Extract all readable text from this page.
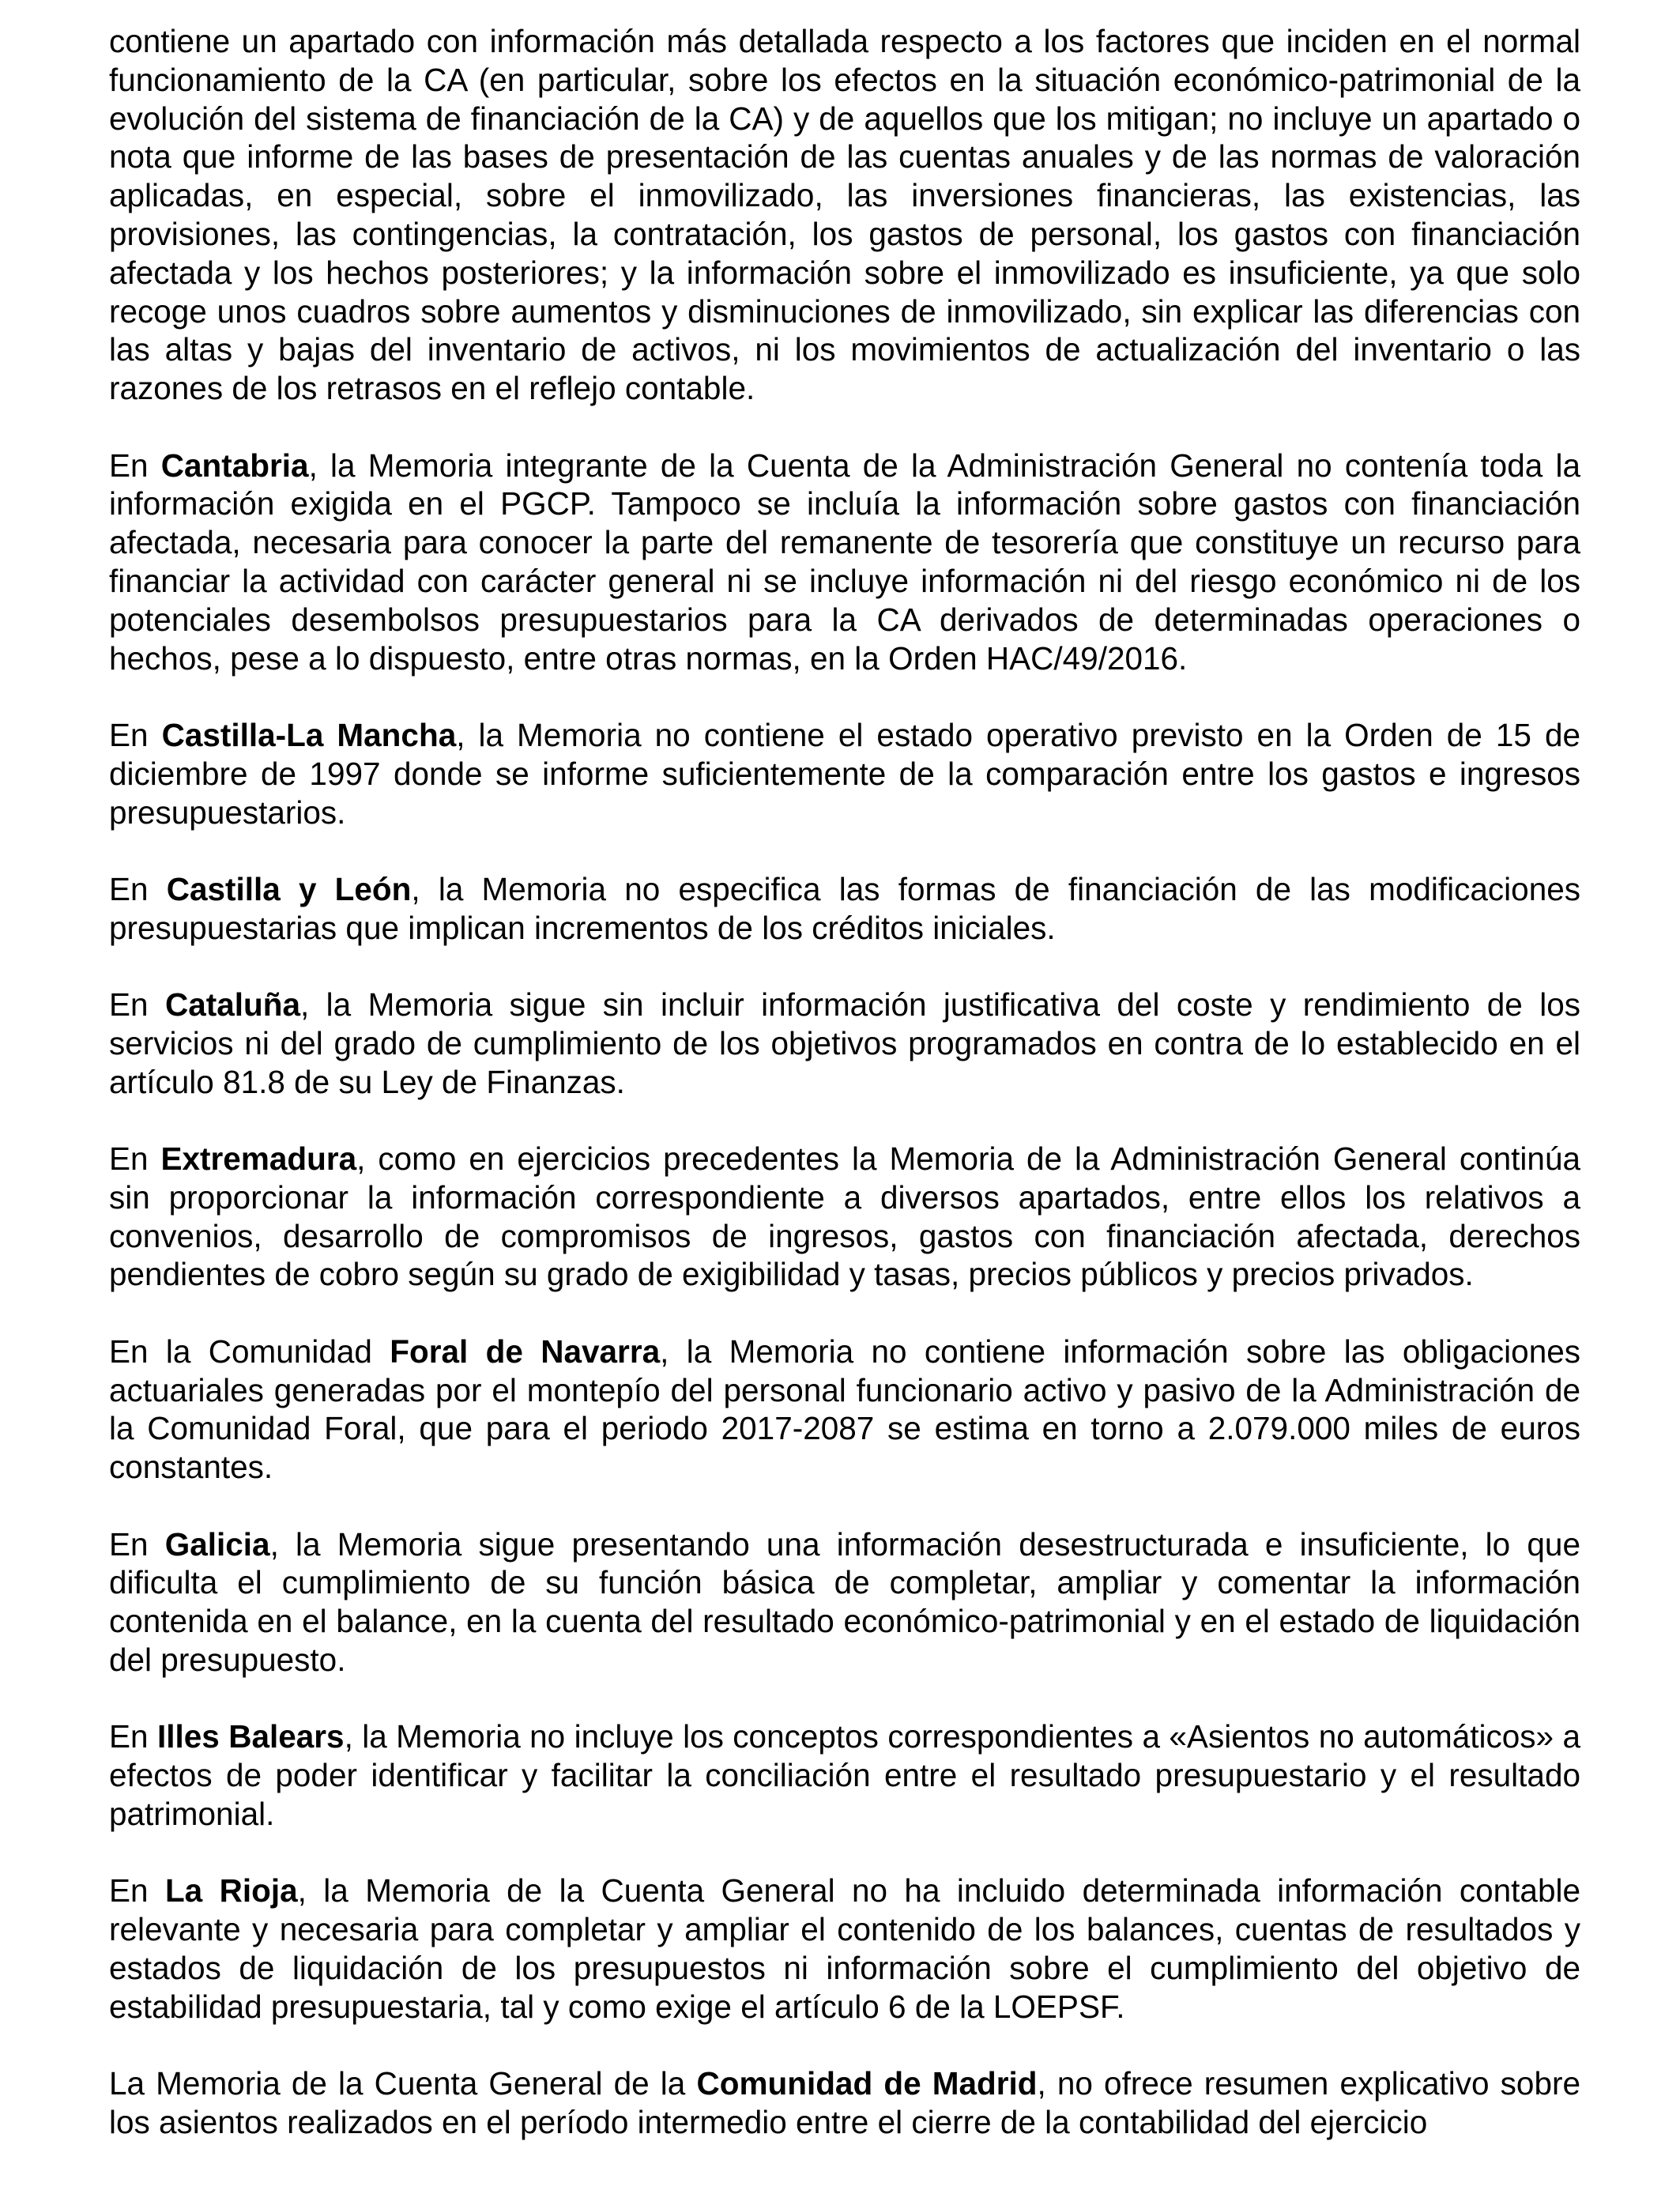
contiene un apartado con información más detallada respecto a los factores que inciden en el normal funcionamiento de la CA (en particular, sobre los efectos en la situación económico-patrimonial de la evolución del sistema de financiación de la CA) y de aquellos que los mitigan; no incluye un apartado o nota que informe de las bases de presentación de las cuentas anuales y de las normas de valoración aplicadas, en especial, sobre el inmovilizado, las inversiones financieras, las existencias, las provisiones, las contingencias, la contratación, los gastos de personal, los gastos con financiación afectada y los hechos posteriores; y la información sobre el inmovilizado es insuficiente, ya que solo recoge unos cuadros sobre aumentos y disminuciones de inmovilizado, sin explicar las diferencias con las altas y bajas del inventario de activos, ni los movimientos de actualización del inventario o las razones de los retrasos en el reflejo contable.

En Cantabria, la Memoria integrante de la Cuenta de la Administración General no contenía toda la información exigida en el PGCP. Tampoco se incluía la información sobre gastos con financiación afectada, necesaria para conocer la parte del remanente de tesorería que constituye un recurso para financiar la actividad con carácter general ni se incluye información ni del riesgo económico ni de los potenciales desembolsos presupuestarios para la CA derivados de determinadas operaciones o hechos, pese a lo dispuesto, entre otras normas, en la Orden HAC/49/2016.

En Castilla-La Mancha, la Memoria no contiene el estado operativo previsto en la Orden de 15 de diciembre de 1997 donde se informe suficientemente de la comparación entre los gastos e ingresos presupuestarios.

En Castilla y León, la Memoria no especifica las formas de financiación de las modificaciones presupuestarias que implican incrementos de los créditos iniciales.

En Cataluña, la Memoria sigue sin incluir información justificativa del coste y rendimiento de los servicios ni del grado de cumplimiento de los objetivos programados en contra de lo establecido en el artículo 81.8 de su Ley de Finanzas.

En Extremadura, como en ejercicios precedentes la Memoria de la Administración General continúa sin proporcionar la información correspondiente a diversos apartados, entre ellos los relativos a convenios, desarrollo de compromisos de ingresos, gastos con financiación afectada, derechos pendientes de cobro según su grado de exigibilidad y tasas, precios públicos y precios privados.

En la Comunidad Foral de Navarra, la Memoria no contiene información sobre las obligaciones actuariales generadas por el montepío del personal funcionario activo y pasivo de la Administración de la Comunidad Foral, que para el periodo 2017-2087 se estima en torno a 2.079.000 miles de euros constantes.

En Galicia, la Memoria sigue presentando una información desestructurada e insuficiente, lo que dificulta el cumplimiento de su función básica de completar, ampliar y comentar la información contenida en el balance, en la cuenta del resultado económico-patrimonial y en el estado de liquidación del presupuesto.

En Illes Balears, la Memoria no incluye los conceptos correspondientes a «Asientos no automáticos» a efectos de poder identificar y facilitar la conciliación entre el resultado presupuestario y el resultado patrimonial.

En La Rioja, la Memoria de la Cuenta General no ha incluido determinada información contable relevante y necesaria para completar y ampliar el contenido de los balances, cuentas de resultados y estados de liquidación de los presupuestos ni información sobre el cumplimiento del objetivo de estabilidad presupuestaria, tal y como exige el artículo 6 de la LOEPSF.

La Memoria de la Cuenta General de la Comunidad de Madrid, no ofrece resumen explicativo sobre los asientos realizados en el período intermedio entre el cierre de la contabilidad del ejercicio
